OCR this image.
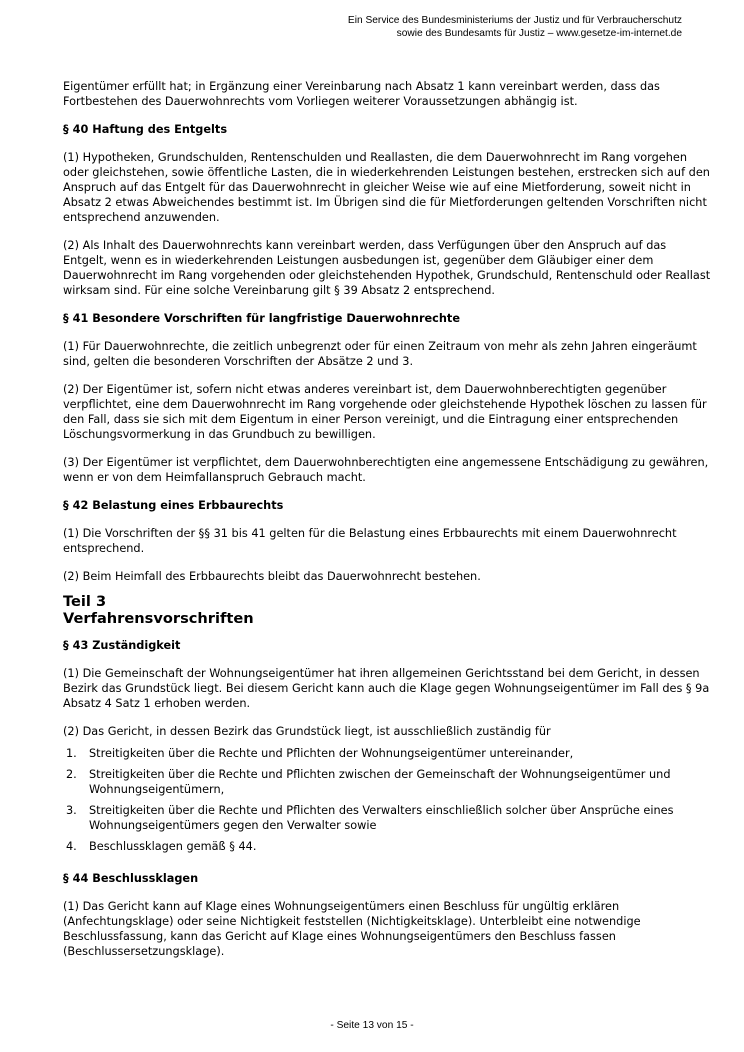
Ein Service des Bundesministeriums der Justiz und für Verbraucherschutz
sowie des Bundesamts für Justiz ‒ www.gesetze-im-internet.de

Eigentümer erfüllt hat; in Ergänzung einer Vereinbarung nach Absatz 1 kann vereinbart werden, dass das Fortbestehen des Dauerwohnrechts vom Vorliegen weiterer Voraussetzungen abhängig ist.

§ 40 Haftung des Entgelts

(1) Hypotheken, Grundschulden, Rentenschulden und Reallasten, die dem Dauerwohnrecht im Rang vorgehen oder gleichstehen, sowie öffentliche Lasten, die in wiederkehrenden Leistungen bestehen, erstrecken sich auf den Anspruch auf das Entgelt für das Dauerwohnrecht in gleicher Weise wie auf eine Mietforderung, soweit nicht in Absatz 2 etwas Abweichendes bestimmt ist. Im Übrigen sind die für Mietforderungen geltenden Vorschriften nicht entsprechend anzuwenden.

(2) Als Inhalt des Dauerwohnrechts kann vereinbart werden, dass Verfügungen über den Anspruch auf das Entgelt, wenn es in wiederkehrenden Leistungen ausbedungen ist, gegenüber dem Gläubiger einer dem Dauerwohnrecht im Rang vorgehenden oder gleichstehenden Hypothek, Grundschuld, Rentenschuld oder Reallast wirksam sind. Für eine solche Vereinbarung gilt § 39 Absatz 2 entsprechend.

§ 41 Besondere Vorschriften für langfristige Dauerwohnrechte

(1) Für Dauerwohnrechte, die zeitlich unbegrenzt oder für einen Zeitraum von mehr als zehn Jahren eingeräumt sind, gelten die besonderen Vorschriften der Absätze 2 und 3.

(2) Der Eigentümer ist, sofern nicht etwas anderes vereinbart ist, dem Dauerwohnberechtigten gegenüber verpflichtet, eine dem Dauerwohnrecht im Rang vorgehende oder gleichstehende Hypothek löschen zu lassen für den Fall, dass sie sich mit dem Eigentum in einer Person vereinigt, und die Eintragung einer entsprechenden Löschungsvormerkung in das Grundbuch zu bewilligen.

(3) Der Eigentümer ist verpflichtet, dem Dauerwohnberechtigten eine angemessene Entschädigung zu gewähren, wenn er von dem Heimfallanspruch Gebrauch macht.

§ 42 Belastung eines Erbbaurechts

(1) Die Vorschriften der §§ 31 bis 41 gelten für die Belastung eines Erbbaurechts mit einem Dauerwohnrecht entsprechend.

(2) Beim Heimfall des Erbbaurechts bleibt das Dauerwohnrecht bestehen.

Teil 3
Verfahrensvorschriften
§ 43 Zuständigkeit

(1) Die Gemeinschaft der Wohnungseigentümer hat ihren allgemeinen Gerichtsstand bei dem Gericht, in dessen Bezirk das Grundstück liegt. Bei diesem Gericht kann auch die Klage gegen Wohnungseigentümer im Fall des § 9a Absatz 4 Satz 1 erhoben werden.

(2) Das Gericht, in dessen Bezirk das Grundstück liegt, ist ausschließlich zuständig für

1. Streitigkeiten über die Rechte und Pflichten der Wohnungseigentümer untereinander,
2. Streitigkeiten über die Rechte und Pflichten zwischen der Gemeinschaft der Wohnungseigentümer und Wohnungseigentümern,
3. Streitigkeiten über die Rechte und Pflichten des Verwalters einschließlich solcher über Ansprüche eines Wohnungseigentümers gegen den Verwalter sowie
4. Beschlussklagen gemäß § 44.
§ 44 Beschlussklagen

(1) Das Gericht kann auf Klage eines Wohnungseigentümers einen Beschluss für ungültig erklären (Anfechtungsklage) oder seine Nichtigkeit feststellen (Nichtigkeitsklage). Unterbleibt eine notwendige Beschlussfassung, kann das Gericht auf Klage eines Wohnungseigentümers den Beschluss fassen (Beschlussersetzungsklage).

- Seite 13 von 15 -
